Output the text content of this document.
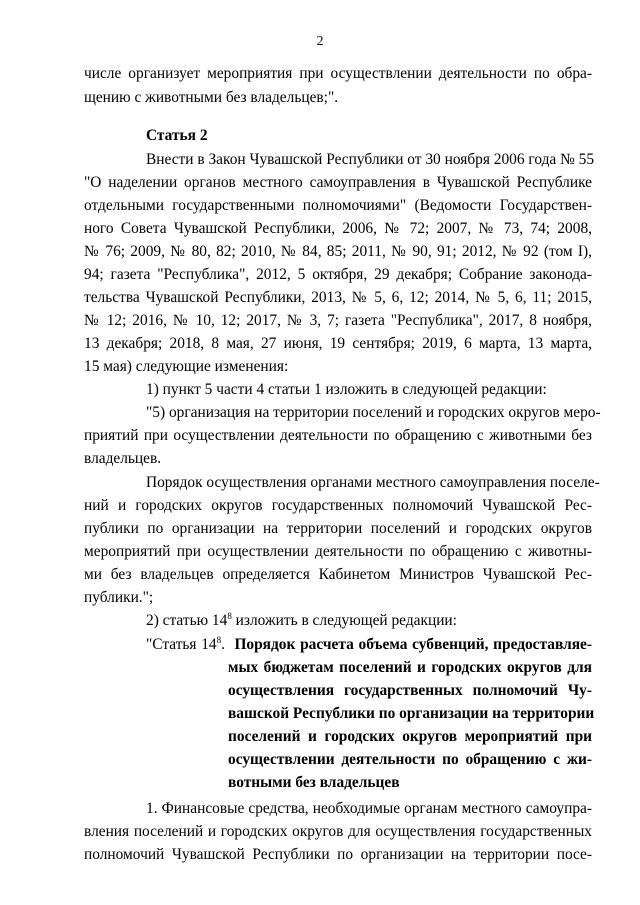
2
числе организует мероприятия при осуществлении деятельности по обра-
щению с животными без владельцев;".
Статья 2
Внести в Закон Чувашской Республики от 30 ноября 2006 года № 55
"О наделении органов местного самоуправления в Чувашской Республике
отдельными государственными полномочиями" (Ведомости Государствен-
ного Совета Чувашской Республики, 2006, № 72; 2007, № 73, 74; 2008,
№ 76; 2009, № 80, 82; 2010, № 84, 85; 2011, № 90, 91; 2012, № 92 (том I),
94; газета "Республика", 2012, 5 октября, 29 декабря; Собрание законода-
тельства Чувашской Республики, 2013, № 5, 6, 12; 2014, № 5, 6, 11; 2015,
№ 12; 2016, № 10, 12; 2017, № 3, 7; газета "Республика", 2017, 8 ноября,
13 декабря; 2018, 8 мая, 27 июня, 19 сентября; 2019, 6 марта, 13 марта,
15 мая) следующие изменения:
1) пункт 5 части 4 статьи 1 изложить в следующей редакции:
"5) организация на территории поселений и городских округов меро-
приятий при осуществлении деятельности по обращению с животными без
владельцев.
Порядок осуществления органами местного самоуправления поселе-
ний и городских округов государственных полномочий Чувашской Рес-
публики по организации на территории поселений и городских округов
мероприятий при осуществлении деятельности по обращению с животны-
ми без владельцев определяется Кабинетом Министров Чувашской Рес-
публики.";
2) статью $14^8$ изложить в следующей редакции:
"Статья $14^8$. Порядок расчета объема субвенций, предоставляе-
мых бюджетам поселений и городских округов для
осуществления государственных полномочий Чу-
вашской Республики по организации на территории
поселений и городских округов мероприятий при
осуществлении деятельности по обращению с жи-
вотными без владельцев
1. Финансовые средства, необходимые органам местного самоупра-
вления поселений и городских округов для осуществления государственных
полномочий Чувашской Республики по организации на территории посе-
